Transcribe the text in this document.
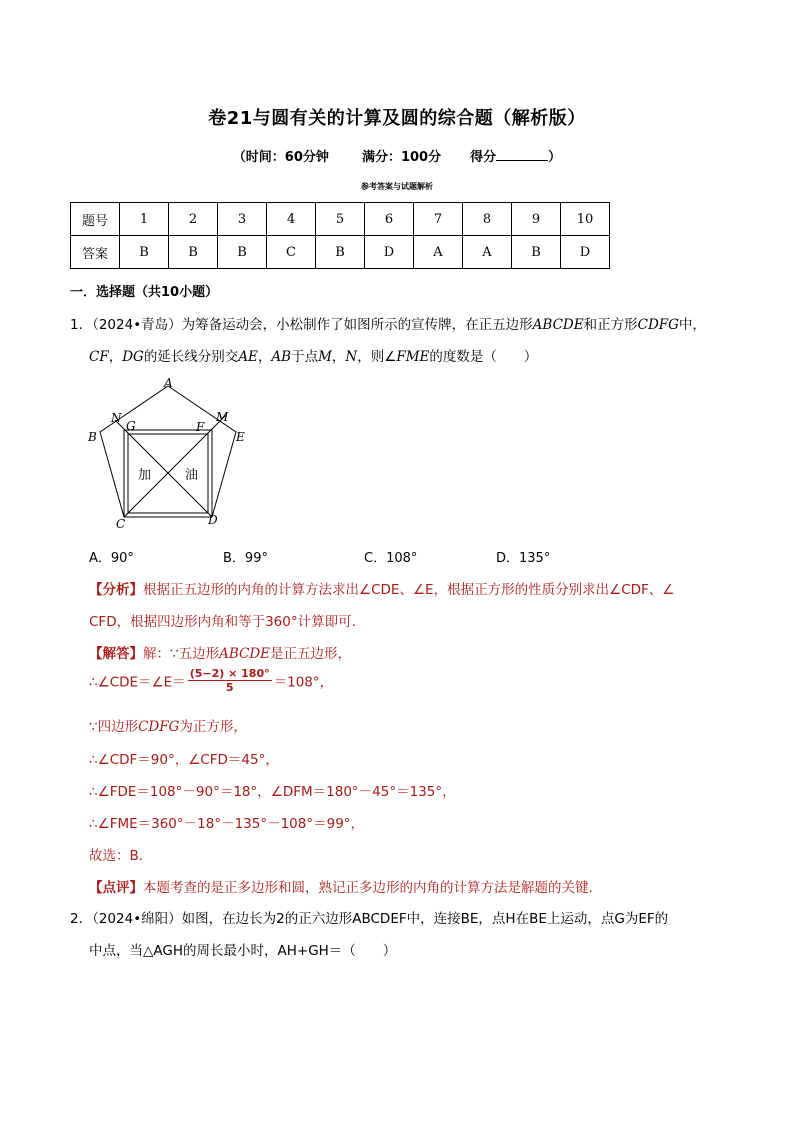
卷21与圆有关的计算及圆的综合题（解析版）
（时间：60分钟	满分：100分 得分	）
参考答案与试题解析
题号	1	2	3	4	5	6	7	8	9	10
答案	B	B	B	C	B	D	A	A	B	D
一．选择题（共10小题）
1．（2024•青岛）为筹备运动会，小松制作了如图所示的宣传牌，在正五边形ABCDE和正方形CDFG中，
CF，DG的延长线分别交AE，AB于点M，N，则∠FME的度数是（　　）
A
B
C	D
E
F
G
M
N
加	油
A．90°	B．99°	C．108°	D．135°
【分析】根据正五边形的内角的计算方法求出∠CDE、∠E，根据正方形的性质分别求出∠CDF、∠
CFD，根据四边形内角和等于360°计算即可.
【解答】解：∵五边形ABCDE是正五边形，
∴∠CDE＝∠E＝ $\frac{(5-2) \times 180^\circ}{5} =108^\circ$，
∵四边形CDFG为正方形，
∴∠CDF＝90°，∠CFD＝45°，
∴∠FDE＝108°－90°＝18°，∠DFM＝180°－45°＝135°，
∴∠FME＝360°－18°－135°－108°＝99°，
故选：B.
【点评】本题考查的是正多边形和圆，熟记正多边形的内角的计算方法是解题的关键.
2．（2024•绵阳）如图，在边长为2的正六边形ABCDEF中，连接BE，点H在BE上运动，点G为EF的
中点，当△AGH的周长最小时，AH+GH＝（　　）
